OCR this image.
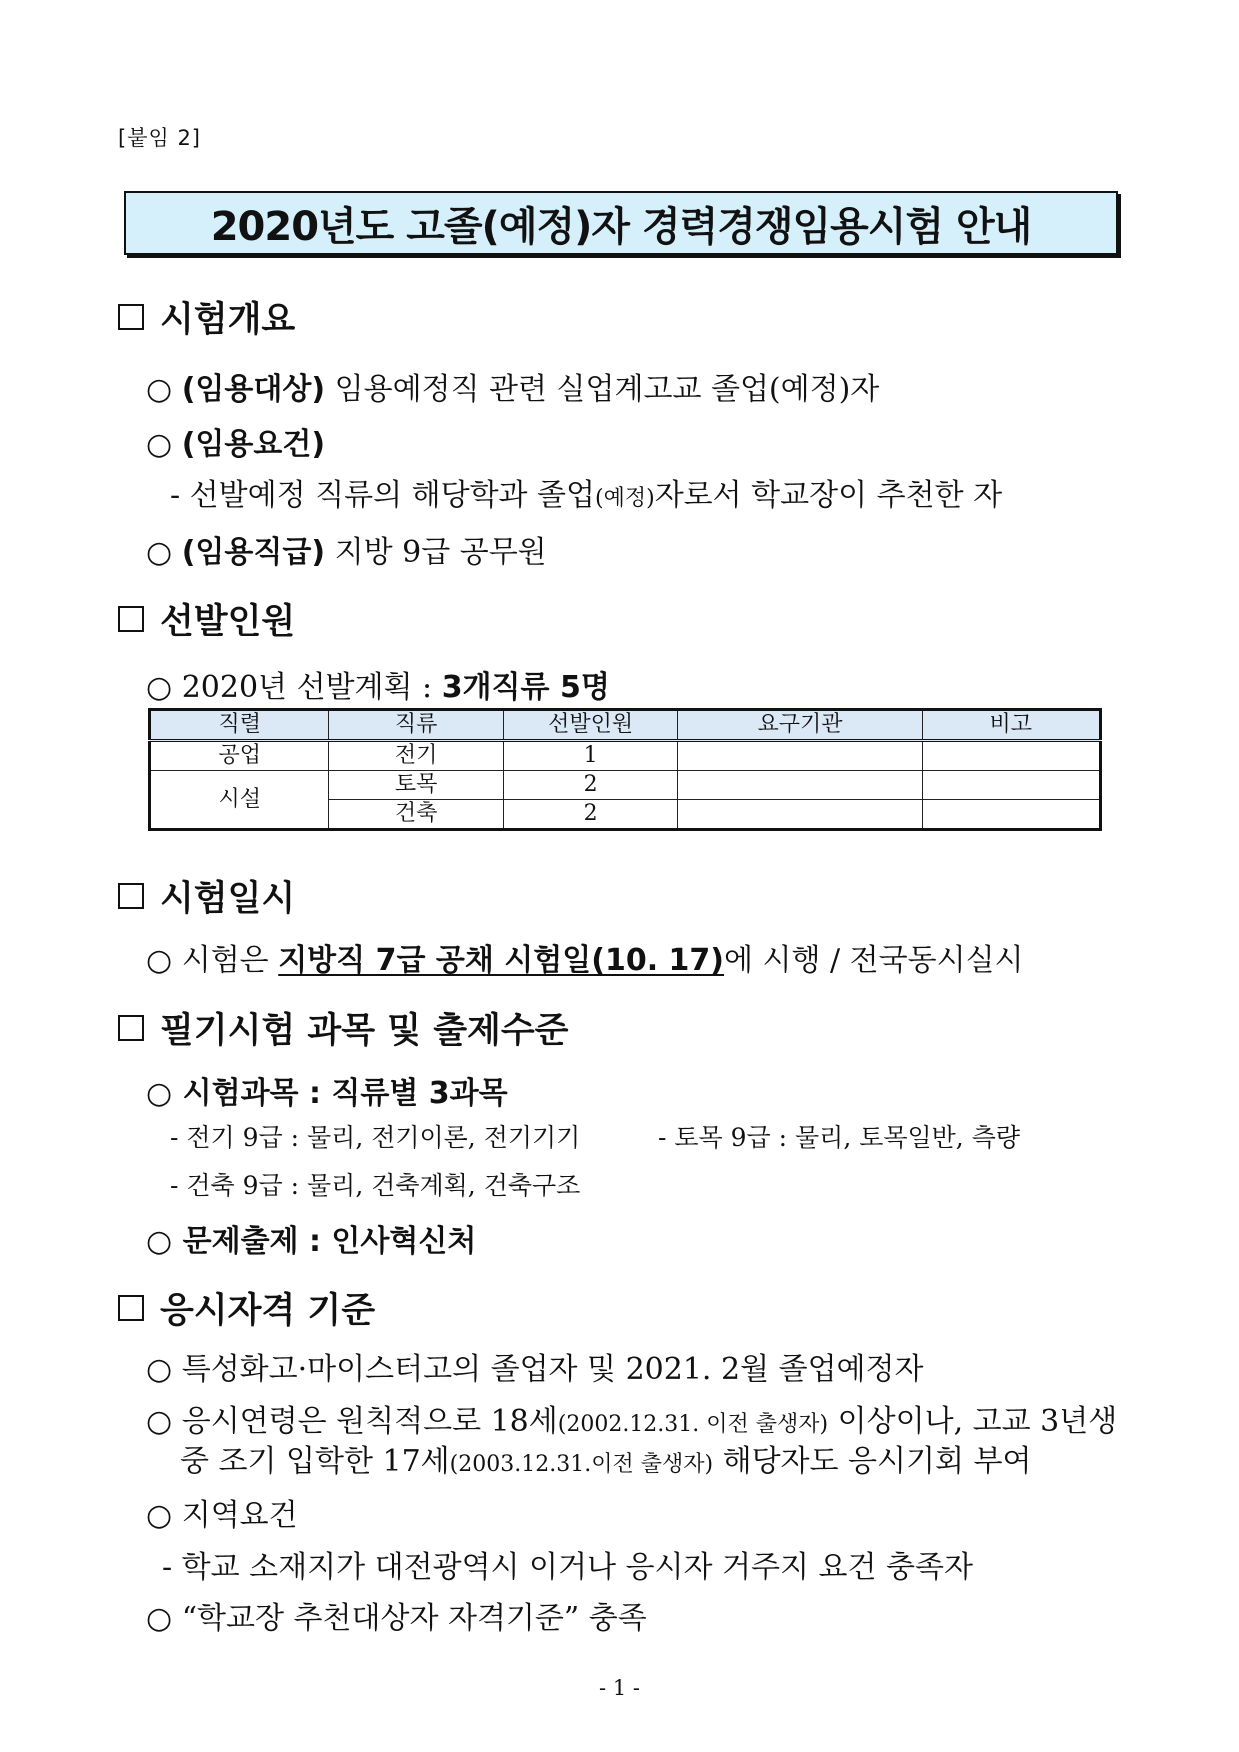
[붙임 2]
2020년도 고졸(예정)자 경력경쟁임용시험 안내
시험개요
○ (임용대상) 임용예정직 관련 실업계고교 졸업(예정)자
○ (임용요건)
- 선발예정 직류의 해당학과 졸업(예정)자로서 학교장이 추천한 자
○ (임용직급) 지방 9급 공무원
선발인원
○ 2020년 선발계획 : 3개직류 5명
직렬	직류	선발인원	요구기관	비고
공업	전기	1		
시설	토목	2		
	건축	2		
시험일시
○ 시험은 지방직 7급 공채 시험일(10. 17)에 시행 / 전국동시실시
필기시험 과목 및 출제수준
○ 시험과목 : 직류별 3과목
- 전기 9급 : 물리, 전기이론, 전기기기	- 토목 9급 : 물리, 토목일반, 측량
- 건축 9급 : 물리, 건축계획, 건축구조
○ 문제출제 : 인사혁신처
응시자격 기준
○ 특성화고·마이스터고의 졸업자 및 2021. 2월 졸업예정자
○ 응시연령은 원칙적으로 18세(2002.12.31. 이전 출생자) 이상이나, 고교 3년생
중 조기 입학한 17세(2003.12.31.이전 출생자) 해당자도 응시기회 부여
○ 지역요건
- 학교 소재지가 대전광역시 이거나 응시자 거주지 요건 충족자
○ “학교장 추천대상자 자격기준” 충족
- 1 -
